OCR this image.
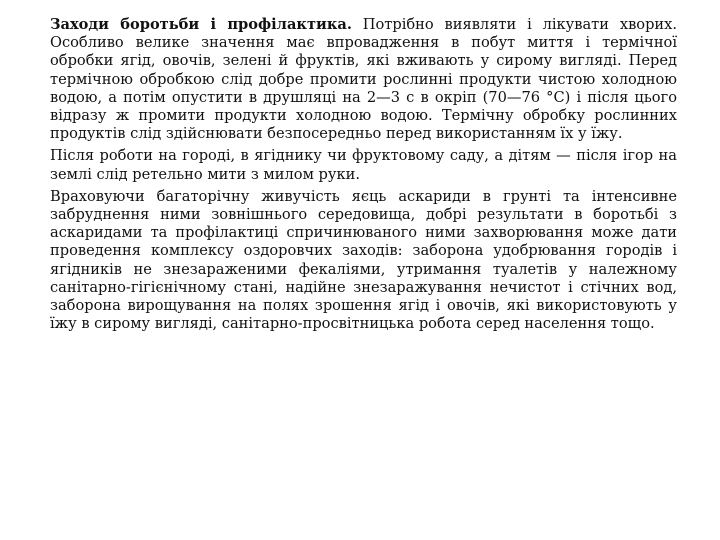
Заходи боротьби і профілактика. Потрібно виявляти і лікувати хворих. Особливо велике значення має впровадження в побут миття і термічної обробки ягід, овочів, зелені й фруктів, які вживають у сирому вигляді. Перед термічною обробкою слід добре промити рослинні продукти чистою холодною водою, а потім опустити в друшляці на 2—3 с в окріп (70—76 °С) і після цього відразу ж промити продукти холодною водою. Термічну обробку рослинних продуктів слід здійснювати безпосередньо перед використанням їх у їжу.

Після роботи на городі, в ягіднику чи фруктовому саду, а дітям — після ігор на землі слід ретельно мити з милом руки.

Враховуючи багаторічну живучість яєць аскариди в грунті та інтенсивне забруднення ними зовнішнього середовища, добрі результати в боротьбі з аскаридами та профілактиці спричинюваного ними захворювання може дати проведення комплексу оздоровчих заходів: заборона удобрювання городів і ягідників не знезараженими фекаліями, утримання туалетів у належному санітарно-гігієнічному стані, надійне знезаражування нечистот і стічних вод, заборона вирощування на полях зрошення ягід і овочів, які використовують у їжу в сирому вигляді, санітарно-просвітницька робота серед населення тощо.
